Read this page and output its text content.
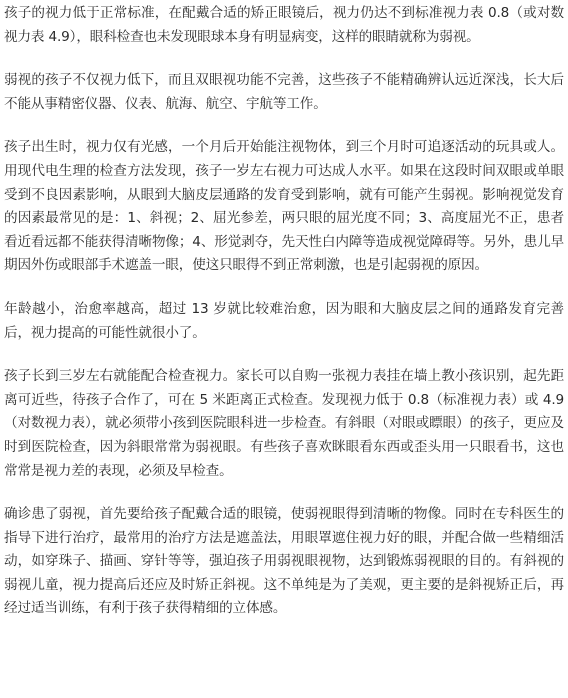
孩子的视力低于正常标准，在配戴合适的矫正眼镜后，视力仍达不到标准视力表 0.8（或对数视力表 4.9），眼科检查也未发现眼球本身有明显病变，这样的眼睛就称为弱视。

弱视的孩子不仅视力低下，而且双眼视功能不完善，这些孩子不能精确辨认远近深浅，长大后不能从事精密仪器、仪表、航海、航空、宇航等工作。

孩子出生时，视力仅有光感，一个月后开始能注视物体，到三个月时可追逐活动的玩具或人。用现代电生理的检查方法发现，孩子一岁左右视力可达成人水平。如果在这段时间双眼或单眼受到不良因素影响，从眼到大脑皮层通路的发育受到影响，就有可能产生弱视。影响视觉发育的因素最常见的是：1、斜视；2、屈光参差，两只眼的屈光度不同；3、高度屈光不正，患者看近看远都不能获得清晰物像；4、形觉剥夺，先天性白内障等造成视觉障碍等。另外，患儿早期因外伤或眼部手术遮盖一眼，使这只眼得不到正常刺激，也是引起弱视的原因。

年龄越小，治愈率越高，超过 13 岁就比较难治愈，因为眼和大脑皮层之间的通路发育完善后，视力提高的可能性就很小了。

孩子长到三岁左右就能配合检查视力。家长可以自购一张视力表挂在墙上教小孩识别，起先距离可近些，待孩子合作了，可在 5 米距离正式检查。发现视力低于 0.8（标准视力表）或 4.9（对数视力表），就必须带小孩到医院眼科进一步检查。有斜眼（对眼或瞟眼）的孩子，更应及时到医院检查，因为斜眼常常为弱视眼。有些孩子喜欢眯眼看东西或歪头用一只眼看书，这也常常是视力差的表现，必须及早检查。

确诊患了弱视，首先要给孩子配戴合适的眼镜，使弱视眼得到清晰的物像。同时在专科医生的指导下进行治疗，最常用的治疗方法是遮盖法，用眼罩遮住视力好的眼，并配合做一些精细活动，如穿珠子、描画、穿针等等，强迫孩子用弱视眼视物，达到锻炼弱视眼的目的。有斜视的弱视儿童，视力提高后还应及时矫正斜视。这不单纯是为了美观，更主要的是斜视矫正后，再经过适当训练，有利于孩子获得精细的立体感。
